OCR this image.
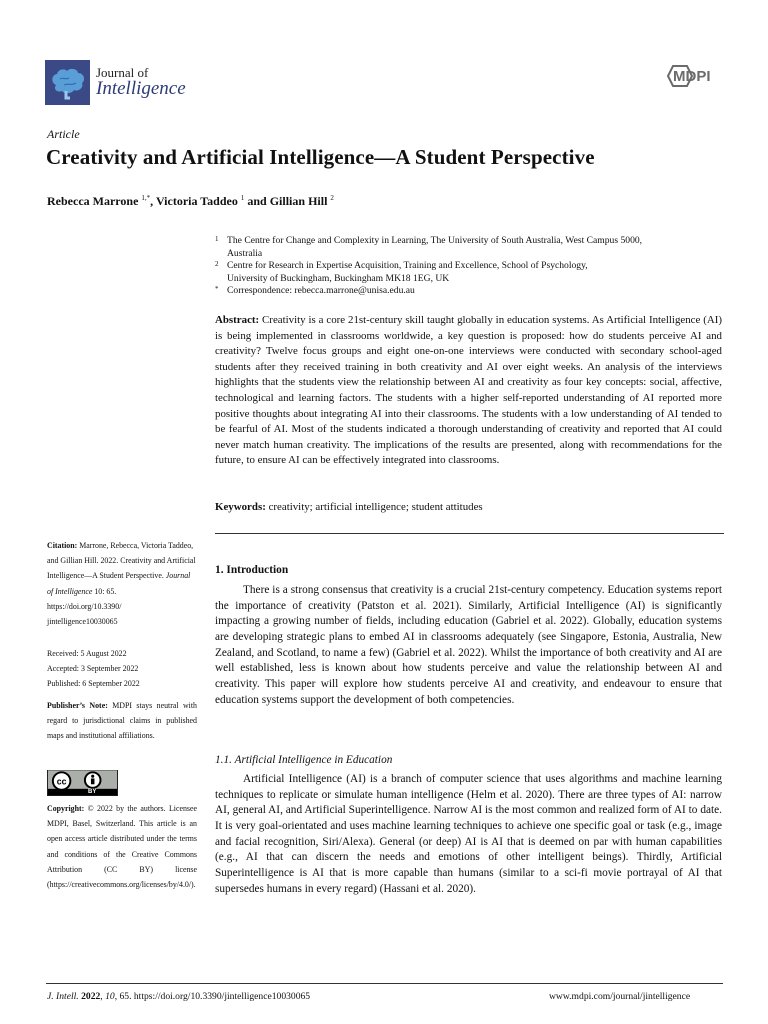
Journal of
Intelligence
MDPI
Article
Creativity and Artificial Intelligence—A Student Perspective
Rebecca Marrone $^{1,*}$, Victoria Taddeo $^1$ and Gillian Hill $^2$
1 The Centre for Change and Complexity in Learning, The University of South Australia, West Campus 5000,
Australia
2 Centre for Research in Expertise Acquisition, Training and Excellence, School of Psychology,
University of Buckingham, Buckingham MK18 1EG, UK
* Correspondence: rebecca.marrone@unisa.edu.au
Abstract: Creativity is a core 21st-century skill taught globally in education systems. As Artificial Intelligence (AI) is being implemented in classrooms worldwide, a key question is proposed: how do students perceive AI and creativity? Twelve focus groups and eight one-on-one interviews were conducted with secondary school-aged students after they received training in both creativity and AI over eight weeks. An analysis of the interviews highlights that the students view the relationship between AI and creativity as four key concepts: social, affective, technological and learning factors. The students with a higher self-reported understanding of AI reported more positive thoughts about integrating AI into their classrooms. The students with a low understanding of AI tended to be fearful of AI. Most of the students indicated a thorough understanding of creativity and reported that AI could never match human creativity. The implications of the results are presented, along with recommendations for the future, to ensure AI can be effectively integrated into classrooms.
Keywords: creativity; artificial intelligence; student attitudes
Citation: Marrone, Rebecca, Victoria Taddeo, and Gillian Hill. 2022. Creativity and Artificial Intelligence—A Student Perspective. Journal of Intelligence 10: 65.
https://doi.org/10.3390/
jintelligence10030065
Received: 5 August 2022
Accepted: 3 September 2022
Published: 6 September 2022
Publisher’s Note: MDPI stays neutral with regard to jurisdictional claims in published maps and institutional affiliations.
cc
BY
Copyright: © 2022 by the authors. Licensee MDPI, Basel, Switzerland. This article is an open access article distributed under the terms and conditions of the Creative Commons Attribution (CC BY) license (https://creativecommons.org/licenses/by/4.0/).
1. Introduction
There is a strong consensus that creativity is a crucial 21st-century competency. Education systems report the importance of creativity (Patston et al. 2021). Similarly, Artificial Intelligence (AI) is significantly impacting a growing number of fields, including education (Gabriel et al. 2022). Globally, education systems are developing strategic plans to embed AI in classrooms adequately (see Singapore, Estonia, Australia, New Zealand, and Scotland, to name a few) (Gabriel et al. 2022). Whilst the importance of both creativity and AI are well established, less is known about how students perceive and value the relationship between AI and creativity. This paper will explore how students perceive AI and creativity, and endeavour to ensure that education systems support the development of both competencies.
1.1. Artificial Intelligence in Education
Artificial Intelligence (AI) is a branch of computer science that uses algorithms and machine learning techniques to replicate or simulate human intelligence (Helm et al. 2020). There are three types of AI: narrow AI, general AI, and Artificial Superintelligence. Narrow AI is the most common and realized form of AI to date. It is very goal-orientated and uses machine learning techniques to achieve one specific goal or task (e.g., image and facial recognition, Siri/Alexa). General (or deep) AI is AI that is deemed on par with human capabilities (e.g., AI that can discern the needs and emotions of other intelligent beings). Thirdly, Artificial Superintelligence is AI that is more capable than humans (similar to a sci-fi movie portrayal of AI that supersedes humans in every regard) (Hassani et al. 2020).
J. Intell. 2022, 10, 65. https://doi.org/10.3390/jintelligence10030065	www.mdpi.com/journal/jintelligence
